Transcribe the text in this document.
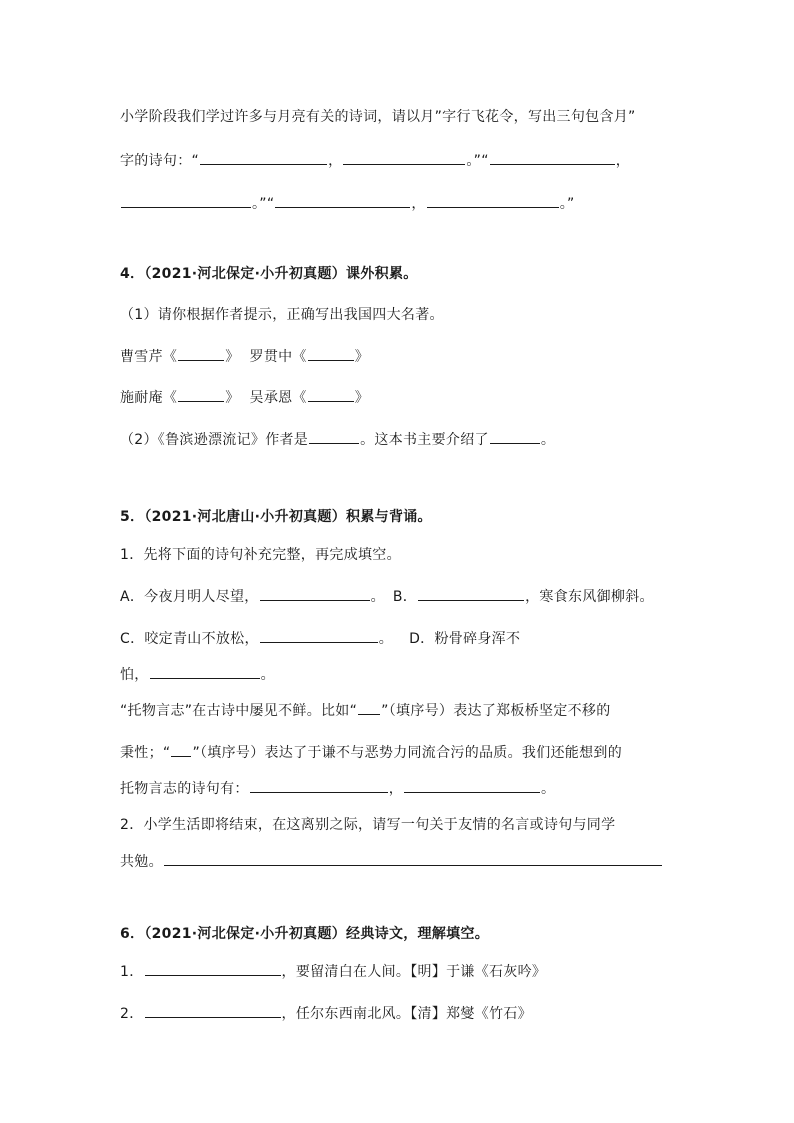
小学阶段我们学过许多与月亮有关的诗词，请以月”字行飞花令，写出三句包含月”
字的诗句：“	，	。”“	，
。”“	，	。”
4．（2021·河北保定·小升初真题）课外积累。
（1）请你根据作者提示，正确写出我国四大名著。
曹雪芹《	》 罗贯中《	》
施耐庵《	》 吴承恩《	》
（2）《鲁滨逊漂流记》作者是	。这本书主要介绍了	。
5．（2021·河北唐山·小升初真题）积累与背诵。
1．先将下面的诗句补充完整，再完成填空。
A．今夜月明人尽望，	。 B．	，寒食东风御柳斜。
C．咬定青山不放松，	。 D．粉骨碎身浑不
怕，	。
“托物言志”在古诗中屡见不鲜。比如“ ”（填序号）表达了郑板桥坚定不移的
秉性；“ ”（填序号）表达了于谦不与恶势力同流合污的品质。我们还能想到的
托物言志的诗句有：	，	。
2．小学生活即将结束，在这离别之际，请写一句关于友情的名言或诗句与同学
共勉。
6．（2021·河北保定·小升初真题）经典诗文，理解填空。
1．	，要留清白在人间。【明】于谦《石灰吟》
2．	，任尔东西南北风。【清】郑燮《竹石》
